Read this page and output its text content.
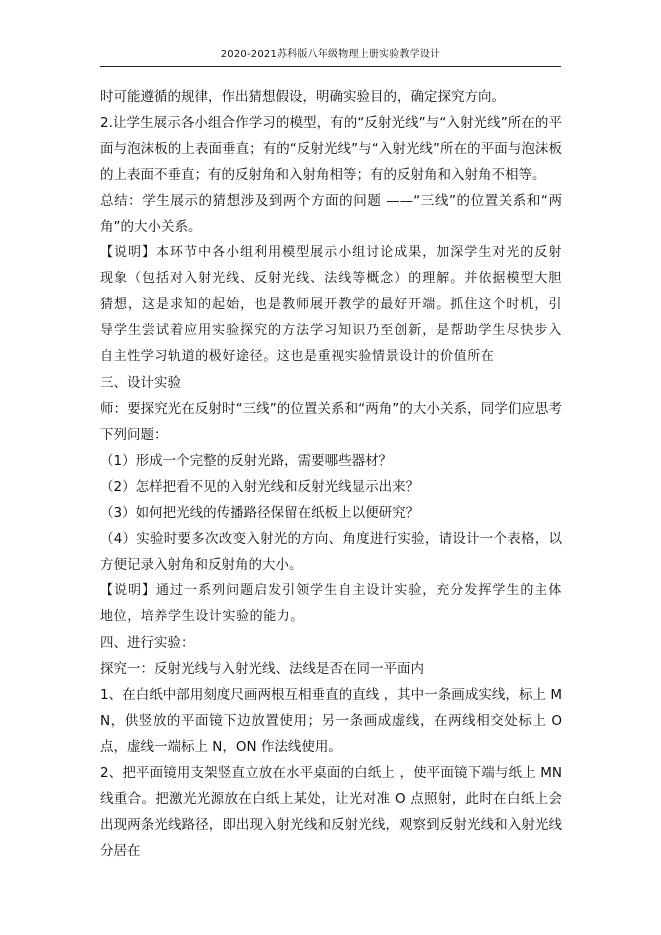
2020-2021苏科版八年级物理上册实验教学设计

时可能遵循的规律，作出猜想假设，明确实验目的，确定探究方向。

2.让学生展示各小组合作学习的模型，有的“反射光线”与“入射光线”所在的平面与泡沫板的上表面垂直；有的“反射光线”与“入射光线”所在的平面与泡沫板的上表面不垂直；有的反射角和入射角相等；有的反射角和入射角不相等。

总结：学生展示的猜想涉及到两个方面的问题 ——“三线”的位置关系和“两角”的大小关系。

【说明】本环节中各小组利用模型展示小组讨论成果，加深学生对光的反射现象（包括对入射光线、反射光线、法线等概念）的理解。并依据模型大胆猜想，这是求知的起始，也是教师展开教学的最好开端。抓住这个时机，引导学生尝试着应用实验探究的方法学习知识乃至创新，是帮助学生尽快步入自主性学习轨道的极好途径。这也是重视实验情景设计的价值所在

三、设计实验

师：要探究光在反射时“三线”的位置关系和“两角”的大小关系，同学们应思考下列问题：

（1）形成一个完整的反射光路，需要哪些器材？

（2）怎样把看不见的入射光线和反射光线显示出来？

（3）如何把光线的传播路径保留在纸板上以便研究？

（4）实验时要多次改变入射光的方向、角度进行实验，请设计一个表格，以方便记录入射角和反射角的大小。

【说明】通过一系列问题启发引领学生自主设计实验，充分发挥学生的主体地位，培养学生设计实验的能力。

四、进行实验：

探究一：反射光线与入射光线、法线是否在同一平面内

1、在白纸中部用刻度尺画两根互相垂直的直线 ，其中一条画成实线，标上 MN，供竖放的平面镜下边放置使用；另一条画成虚线，在两线相交处标上 O 点，虚线一端标上 N，ON 作法线使用。

2、把平面镜用支架竖直立放在水平桌面的白纸上 ，使平面镜下端与纸上 MN 线重合。把激光光源放在白纸上某处，让光对准 O 点照射，此时在白纸上会出现两条光线路径，即出现入射光线和反射光线，观察到反射光线和入射光线分居在
